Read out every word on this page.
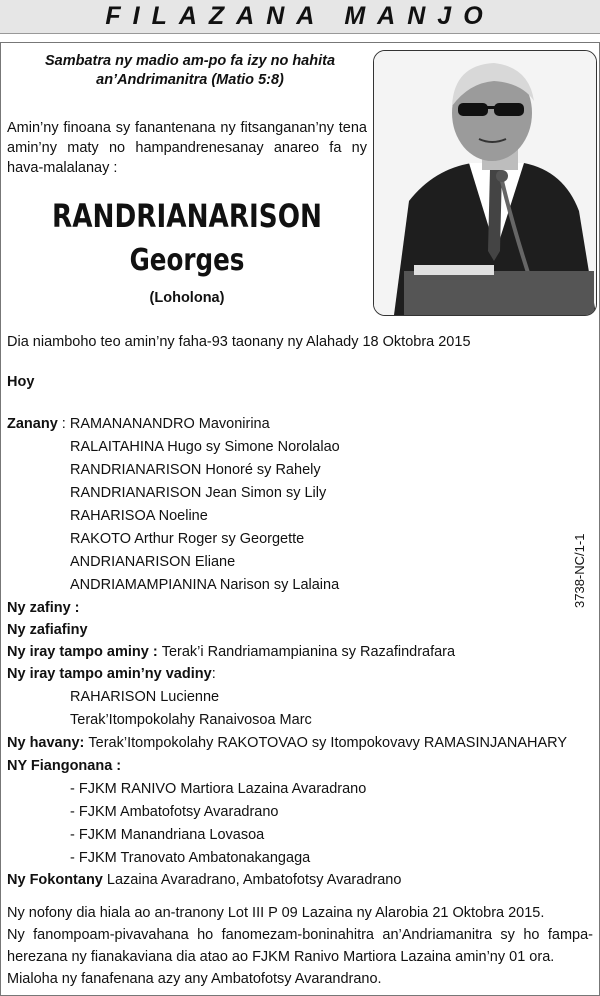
FILAZANA MANJO
Sambatra ny madio am-po fa izy no hahita
an’Andrimanitra (Matio 5:8)
Amin’ny finoana sy fanantenana ny fitsanganan’ny tena amin’ny maty no hampandrenesanay anareo fa ny hava-malalanay :
RANDRIANARISON
Georges
(Loholona)
Dia niamboho teo amin’ny faha-93 taonany ny Alahady 18 Oktobra 2015
Hoy
Zanany : RAMANANANDRO Mavonirina
RALAITAHINA Hugo sy Simone Norolalao
RANDRIANARISON Honoré sy Rahely
RANDRIANARISON Jean Simon sy Lily
RAHARISOA Noeline
RAKOTO Arthur Roger sy Georgette
ANDRIANARISON Eliane
ANDRIAMAMPIANINA Narison sy Lalaina
Ny zafiny :
Ny zafiafiny
Ny iray tampo aminy : Terak’i Randriamampianina sy Razafindrafara
Ny iray tampo amin’ny vadiny:
RAHARISON Lucienne
Terak’Itompokolahy Ranaivosoa Marc
Ny havany: Terak’Itompokolahy RAKOTOVAO sy Itompokovavy RAMASINJANAHARY
NY Fiangonana :
- FJKM RANIVO Martiora Lazaina Avaradrano
- FJKM Ambatofotsy Avaradrano
- FJKM Manandriana Lovasoa
- FJKM Tranovato Ambatonakangaga
Ny Fokontany Lazaina Avaradrano, Ambatofotsy Avaradrano

Ny nofony dia hiala ao an-tranony Lot III P 09 Lazaina ny Alarobia 21 Oktobra 2015.

Ny fanompoam-pivavahana ho fanomezam-boninahitra an’Andriamanitra sy ho fampa-herezana ny fianakaviana dia atao ao FJKM Ranivo Martiora Lazaina amin’ny 01 ora.

Mialoha ny fanafenana azy any Ambatofotsy Avarandrano.

3738-NC/1-1
